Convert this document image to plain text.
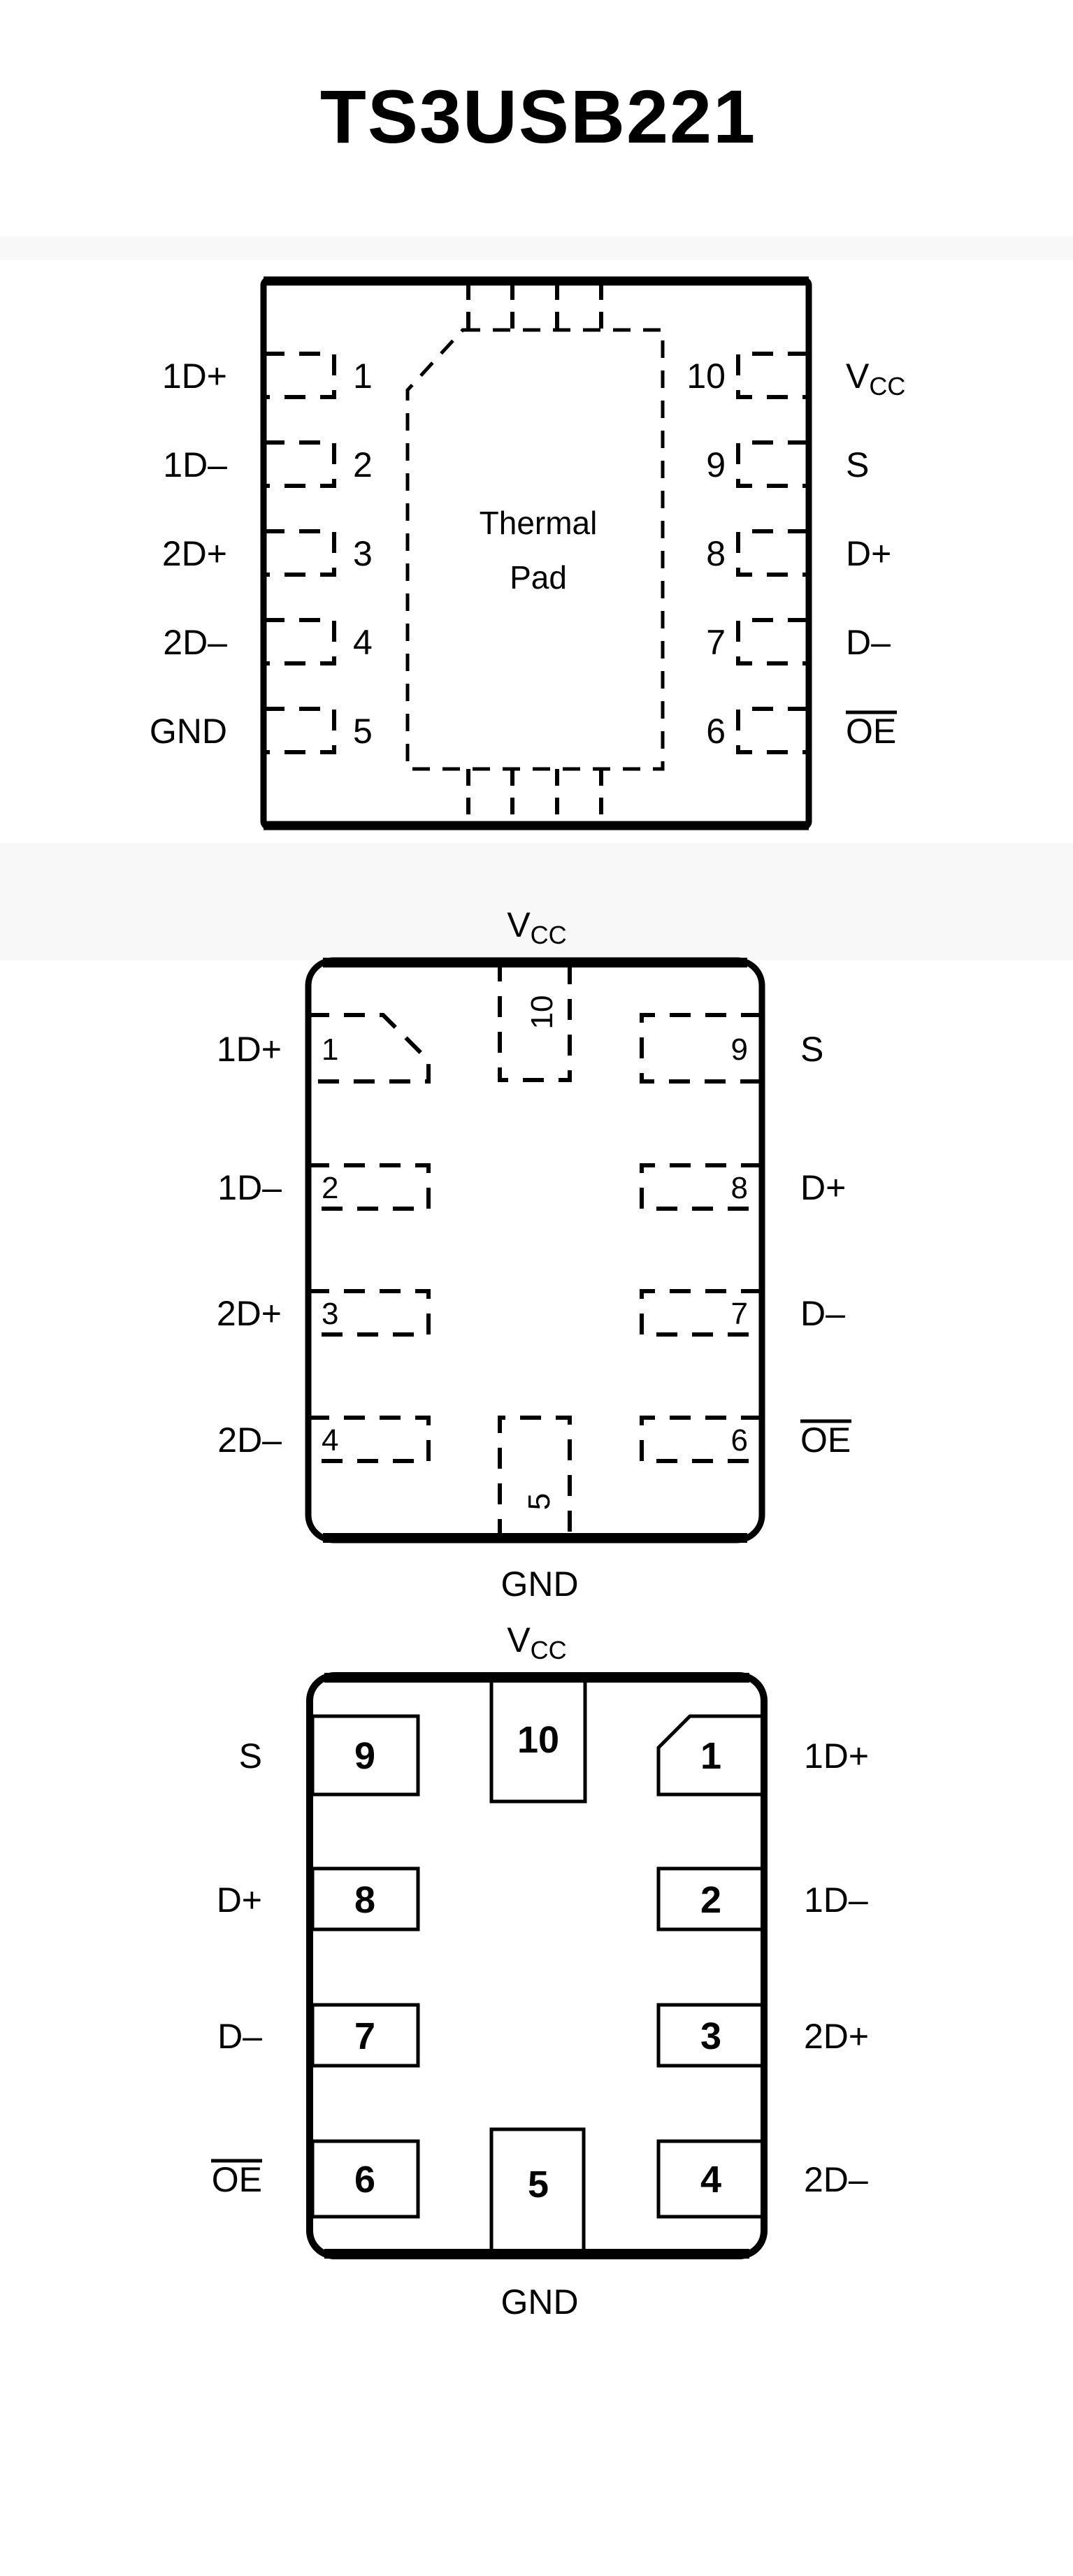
TS3USB221
Thermal
Pad
1
2
3
4
5
10
9
8
7
6
1D+
1D–
2D+
2D–
GND
$V_{CC}$
S
D+
D–
OE
$V_{CC}$
10
5
1
2
3
4
9
8
7
6
1D+
1D–
2D+
2D–
S
D+
D–
OE
GND
$V_{CC}$
10
5
9
8
7
6
1
2
3
4
S
D+
D–
OE
1D+
1D–
2D+
2D–
GND
